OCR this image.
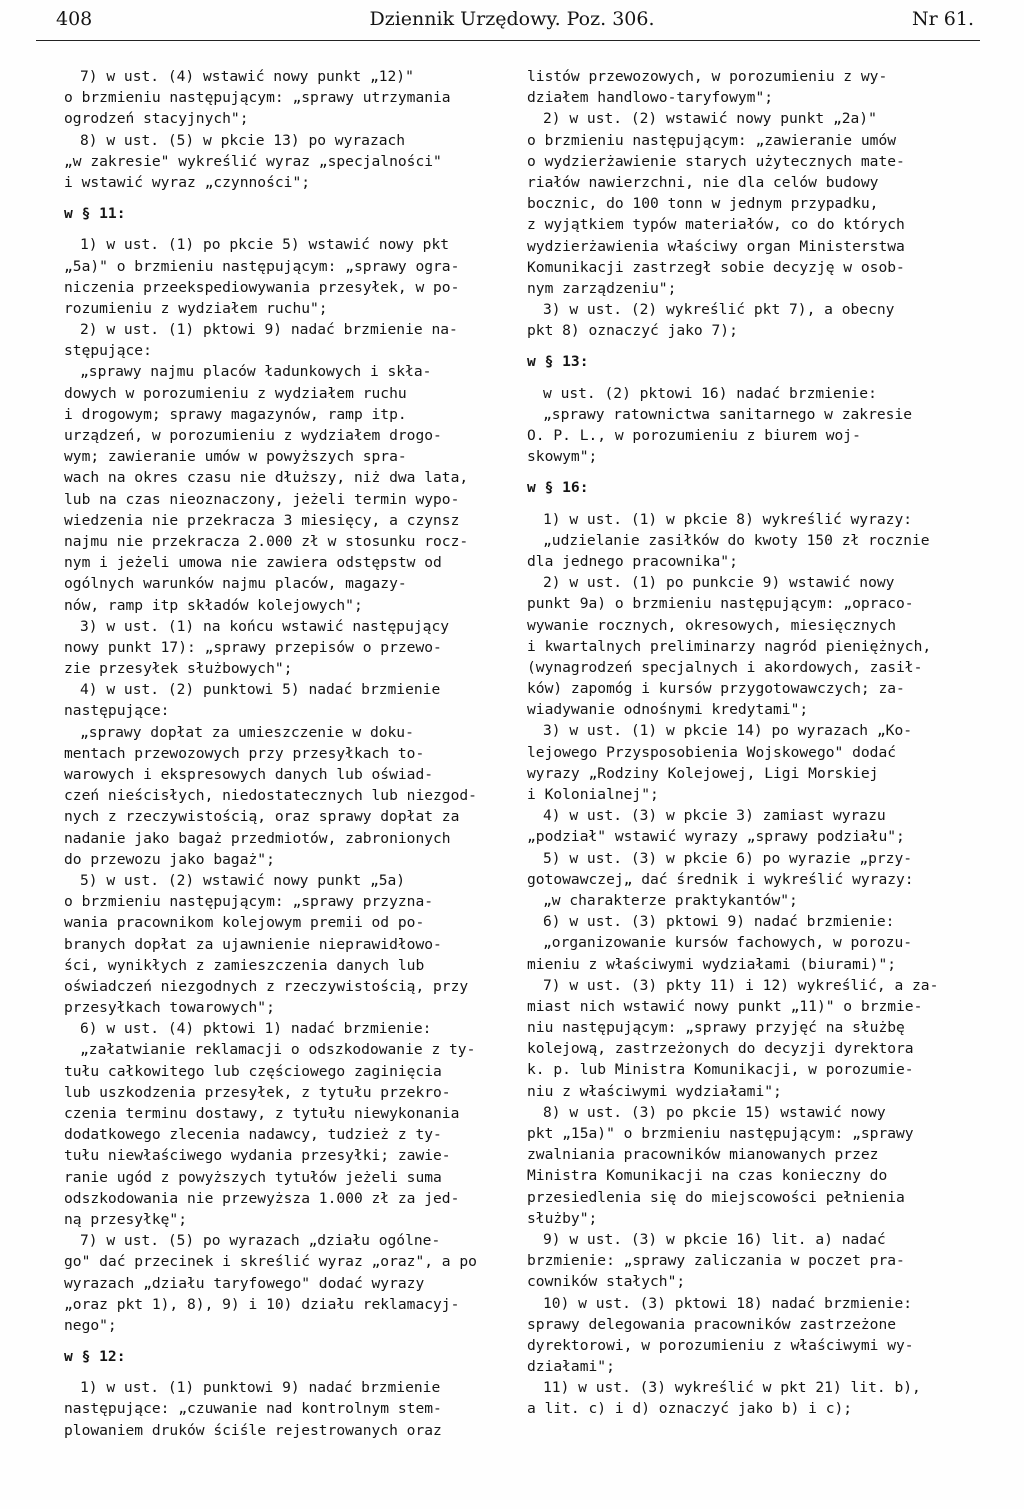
408	Dziennik Urzędowy. Poz. 306.	Nr 61.
7) w ust. (4) wstawić nowy punkt „12)"
o brzmieniu następującym: „sprawy utrzymania
ogrodzeń stacyjnych";
8) w ust. (5) w pkcie 13) po wyrazach
„w zakresie" wykreślić wyraz „specjalności"
i wstawić wyraz „czynności";
w § 11:
1) w ust. (1) po pkcie 5) wstawić nowy pkt
„5a)" o brzmieniu następującym: „sprawy ogra-
niczenia przeekspediowywania przesyłek, w po-
rozumieniu z wydziałem ruchu";
2) w ust. (1) pktowi 9) nadać brzmienie na-
stępujące:
„sprawy najmu placów ładunkowych i skła-
dowych w porozumieniu z wydziałem ruchu
i drogowym; sprawy magazynów, ramp itp.
urządzeń, w porozumieniu z wydziałem drogo-
wym; zawieranie umów w powyższych spra-
wach na okres czasu nie dłuższy, niż dwa lata,
lub na czas nieoznaczony, jeżeli termin wypo-
wiedzenia nie przekracza 3 miesięcy, a czynsz
najmu nie przekracza 2.000 zł w stosunku rocz-
nym i jeżeli umowa nie zawiera odstępstw od
ogólnych warunków najmu placów, magazy-
nów, ramp itp składów kolejowych";
3) w ust. (1) na końcu wstawić następujący
nowy punkt 17): „sprawy przepisów o przewo-
zie przesyłek służbowych";
4) w ust. (2) punktowi 5) nadać brzmienie
następujące:
„sprawy dopłat za umieszczenie w doku-
mentach przewozowych przy przesyłkach to-
warowych i ekspresowych danych lub oświad-
czeń nieścisłych, niedostatecznych lub niezgod-
nych z rzeczywistością, oraz sprawy dopłat za
nadanie jako bagaż przedmiotów, zabronionych
do przewozu jako bagaż";
5) w ust. (2) wstawić nowy punkt „5a)
o brzmieniu następującym: „sprawy przyzna-
wania pracownikom kolejowym premii od po-
branych dopłat za ujawnienie nieprawidłowo-
ści, wynikłych z zamieszczenia danych lub
oświadczeń niezgodnych z rzeczywistością, przy
przesyłkach towarowych";
6) w ust. (4) pktowi 1) nadać brzmienie:
„załatwianie reklamacji o odszkodowanie z ty-
tułu całkowitego lub częściowego zaginięcia
lub uszkodzenia przesyłek, z tytułu przekro-
czenia terminu dostawy, z tytułu niewykonania
dodatkowego zlecenia nadawcy, tudzież z ty-
tułu niewłaściwego wydania przesyłki; zawie-
ranie ugód z powyższych tytułów jeżeli suma
odszkodowania nie przewyższa 1.000 zł za jed-
ną przesyłkę";
7) w ust. (5) po wyrazach „działu ogólne-
go" dać przecinek i skreślić wyraz „oraz", a po
wyrazach „działu taryfowego" dodać wyrazy
„oraz pkt 1), 8), 9) i 10) działu reklamacyj-
nego";
w § 12:
1) w ust. (1) punktowi 9) nadać brzmienie
następujące: „czuwanie nad kontrolnym stem-
plowaniem druków ściśle rejestrowanych oraz
listów przewozowych, w porozumieniu z wy-
działem handlowo-taryfowym";
2) w ust. (2) wstawić nowy punkt „2a)"
o brzmieniu następującym: „zawieranie umów
o wydzierżawienie starych użytecznych mate-
riałów nawierzchni, nie dla celów budowy
bocznic, do 100 tonn w jednym przypadku,
z wyjątkiem typów materiałów, co do których
wydzierżawienia właściwy organ Ministerstwa
Komunikacji zastrzegł sobie decyzję w osob-
nym zarządzeniu";
3) w ust. (2) wykreślić pkt 7), a obecny
pkt 8) oznaczyć jako 7);
w § 13:
w ust. (2) pktowi 16) nadać brzmienie:
„sprawy ratownictwa sanitarnego w zakresie
O. P. L., w porozumieniu z biurem woj-
skowym";
w § 16:
1) w ust. (1) w pkcie 8) wykreślić wyrazy:
„udzielanie zasiłków do kwoty 150 zł rocznie
dla jednego pracownika";
2) w ust. (1) po punkcie 9) wstawić nowy
punkt 9a) o brzmieniu następującym: „opraco-
wywanie rocznych, okresowych, miesięcznych
i kwartalnych preliminarzy nagród pieniężnych,
(wynagrodzeń specjalnych i akordowych, zasił-
ków) zapomóg i kursów przygotowawczych; za-
wiadywanie odnośnymi kredytami";
3) w ust. (1) w pkcie 14) po wyrazach „Ko-
lejowego Przysposobienia Wojskowego" dodać
wyrazy „Rodziny Kolejowej, Ligi Morskiej
i Kolonialnej";
4) w ust. (3) w pkcie 3) zamiast wyrazu
„podział" wstawić wyrazy „sprawy podziału";
5) w ust. (3) w pkcie 6) po wyrazie „przy-
gotowawczej„ dać średnik i wykreślić wyrazy:
„w charakterze praktykantów";
6) w ust. (3) pktowi 9) nadać brzmienie:
„organizowanie kursów fachowych, w porozu-
mieniu z właściwymi wydziałami (biurami)";
7) w ust. (3) pkty 11) i 12) wykreślić, a za-
miast nich wstawić nowy punkt „11)" o brzmie-
niu następującym: „sprawy przyjęć na służbę
kolejową, zastrzeżonych do decyzji dyrektora
k. p. lub Ministra Komunikacji, w porozumie-
niu z właściwymi wydziałami";
8) w ust. (3) po pkcie 15) wstawić nowy
pkt „15a)" o brzmieniu następującym: „sprawy
zwalniania pracowników mianowanych przez
Ministra Komunikacji na czas konieczny do
przesiedlenia się do miejscowości pełnienia
służby";
9) w ust. (3) w pkcie 16) lit. a) nadać
brzmienie: „sprawy zaliczania w poczet pra-
cowników stałych";
10) w ust. (3) pktowi 18) nadać brzmienie:
sprawy delegowania pracowników zastrzeżone
dyrektorowi, w porozumieniu z właściwymi wy-
działami";
11) w ust. (3) wykreślić w pkt 21) lit. b),
a lit. c) i d) oznaczyć jako b) i c);
